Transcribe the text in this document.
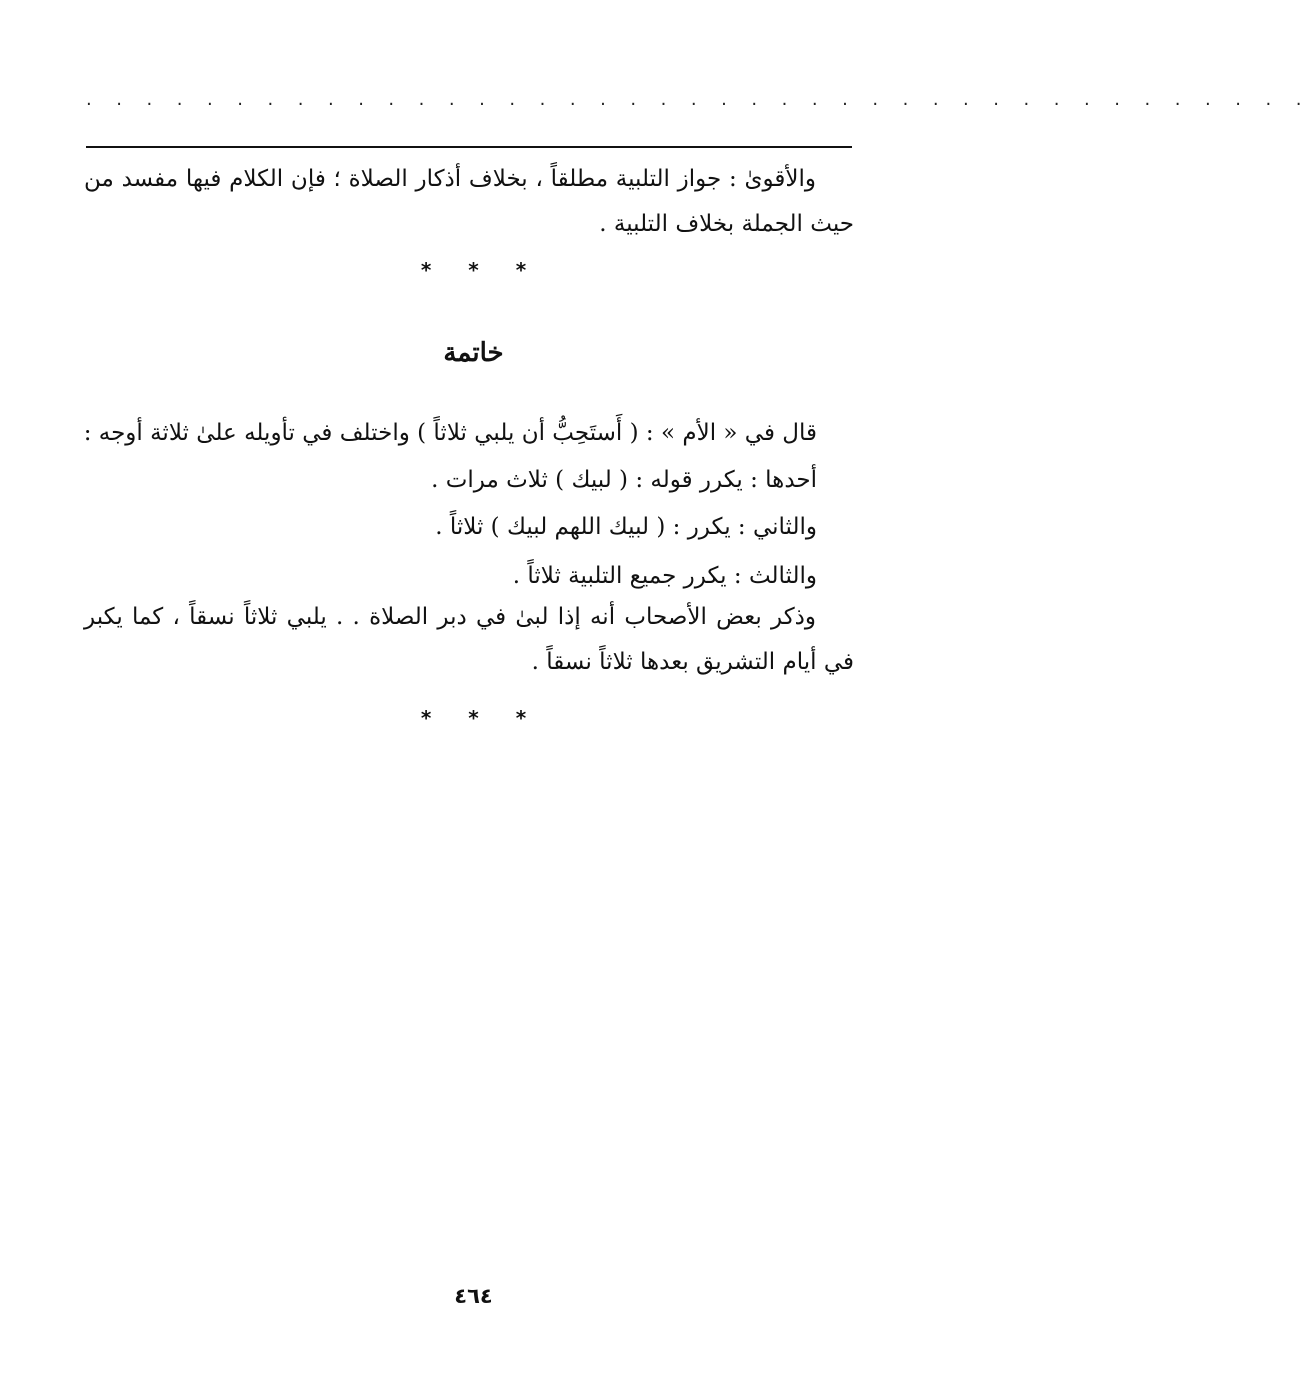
. . . . . . . . . . . . . . . . . . . . . . . . . . . . . . . . . . . . . . . . .

والأقوىٰ : جواز التلبية مطلقاً ، بخلاف أذكار الصلاة ؛ فإن الكلام فيها مفسد من حيث الجملة بخلاف التلبية .

* * *
خاتمة
قال في « الأم » : ( أَستَحِبُّ أن يلبي ثلاثاً ) واختلف في تأويله علىٰ ثلاثة أوجه :
أحدها : يكرر قوله : ( لبيك ) ثلاث مرات .
والثاني : يكرر : ( لبيك اللهم لبيك ) ثلاثاً .
والثالث : يكرر جميع التلبية ثلاثاً .

وذكر بعض الأصحاب أنه إذا لبىٰ في دبر الصلاة . . يلبي ثلاثاً نسقاً ، كما يكبر في أيام التشريق بعدها ثلاثاً نسقاً .

* * *
٤٦٤
